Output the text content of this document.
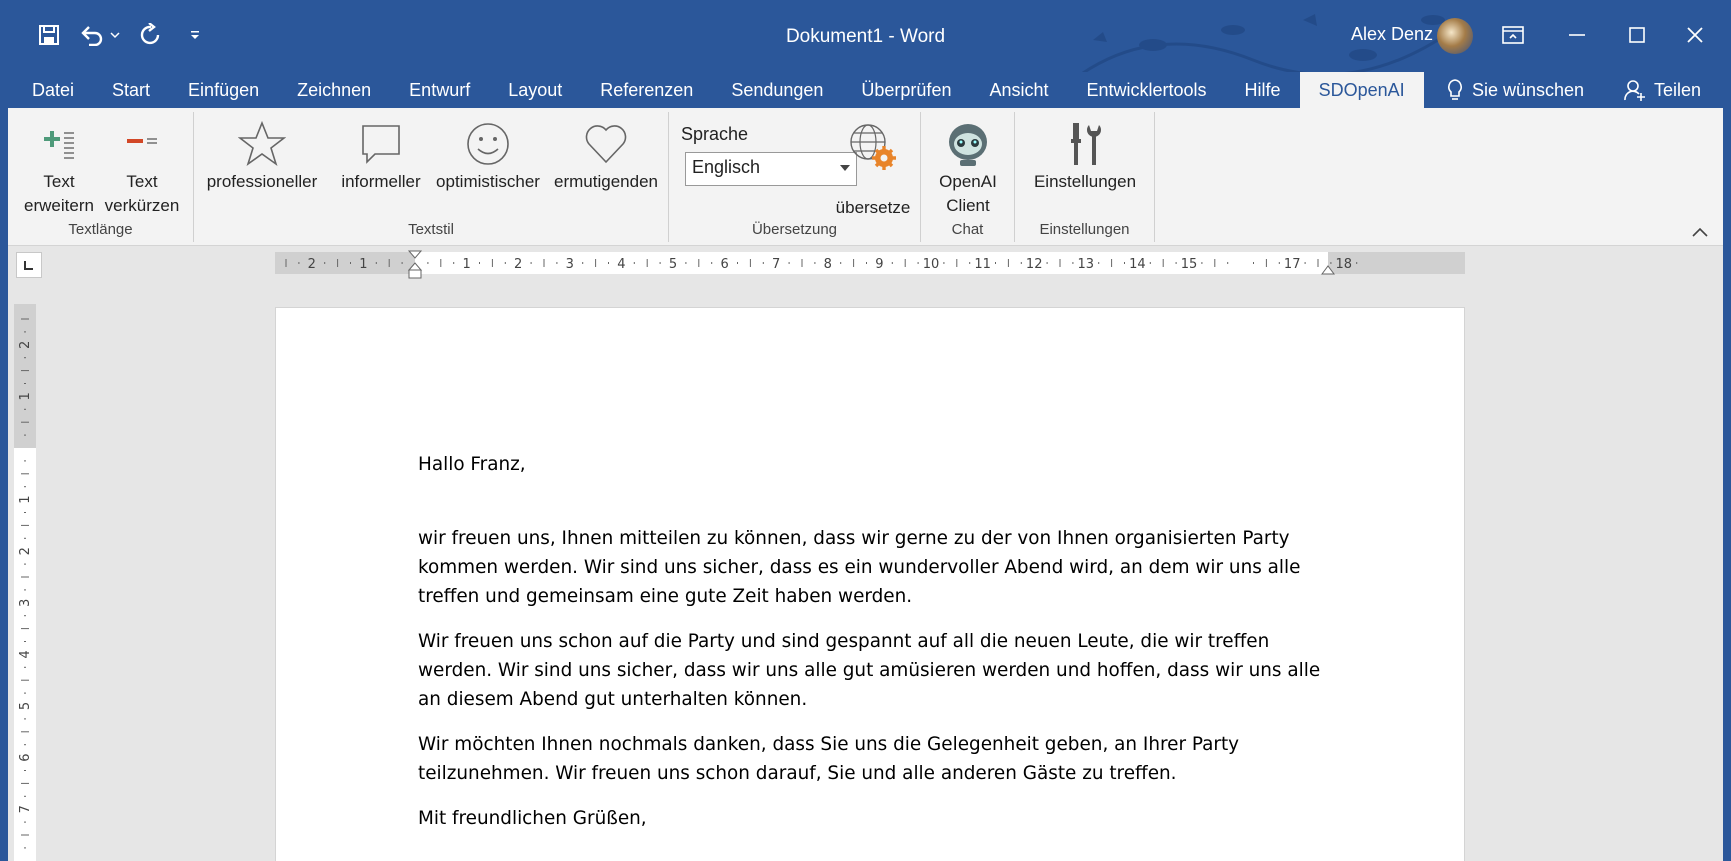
Dokument1 - Word	Alex Denz
Datei	Start	Einfügen	Zeichnen	Entwurf	Layout	Referenzen	Sendungen	Überprüfen	Ansicht	Entwicklertools	Hilfe	SDOpenAI	Sie wünschen	Teilen
Text
erweitern
Text
verkürzen
Textlänge
professioneller	informeller optimistischer ermutigenden
Textstil
Sprache
Englisch
übersetze
Übersetzung
OpenAI
Client
Chat
Einstellungen
Einstellungen
2	1	1	2	3	4	5	6	7	8	9	10	11	12	13	14	15	17	18
2
1
1
2
3
4
5
6
7

Hallo Franz,

wir freuen uns, Ihnen mitteilen zu können, dass wir gerne zu der von Ihnen organisierten Party kommen werden. Wir sind uns sicher, dass es ein wundervoller Abend wird, an dem wir uns alle treffen und gemeinsam eine gute Zeit haben werden.

Wir freuen uns schon auf die Party und sind gespannt auf all die neuen Leute, die wir treffen werden. Wir sind uns sicher, dass wir uns alle gut amüsieren werden und hoffen, dass wir uns alle an diesem Abend gut unterhalten können.

Wir möchten Ihnen nochmals danken, dass Sie uns die Gelegenheit geben, an Ihrer Party teilzunehmen. Wir freuen uns schon darauf, Sie und alle anderen Gäste zu treffen.

Mit freundlichen Grüßen,
